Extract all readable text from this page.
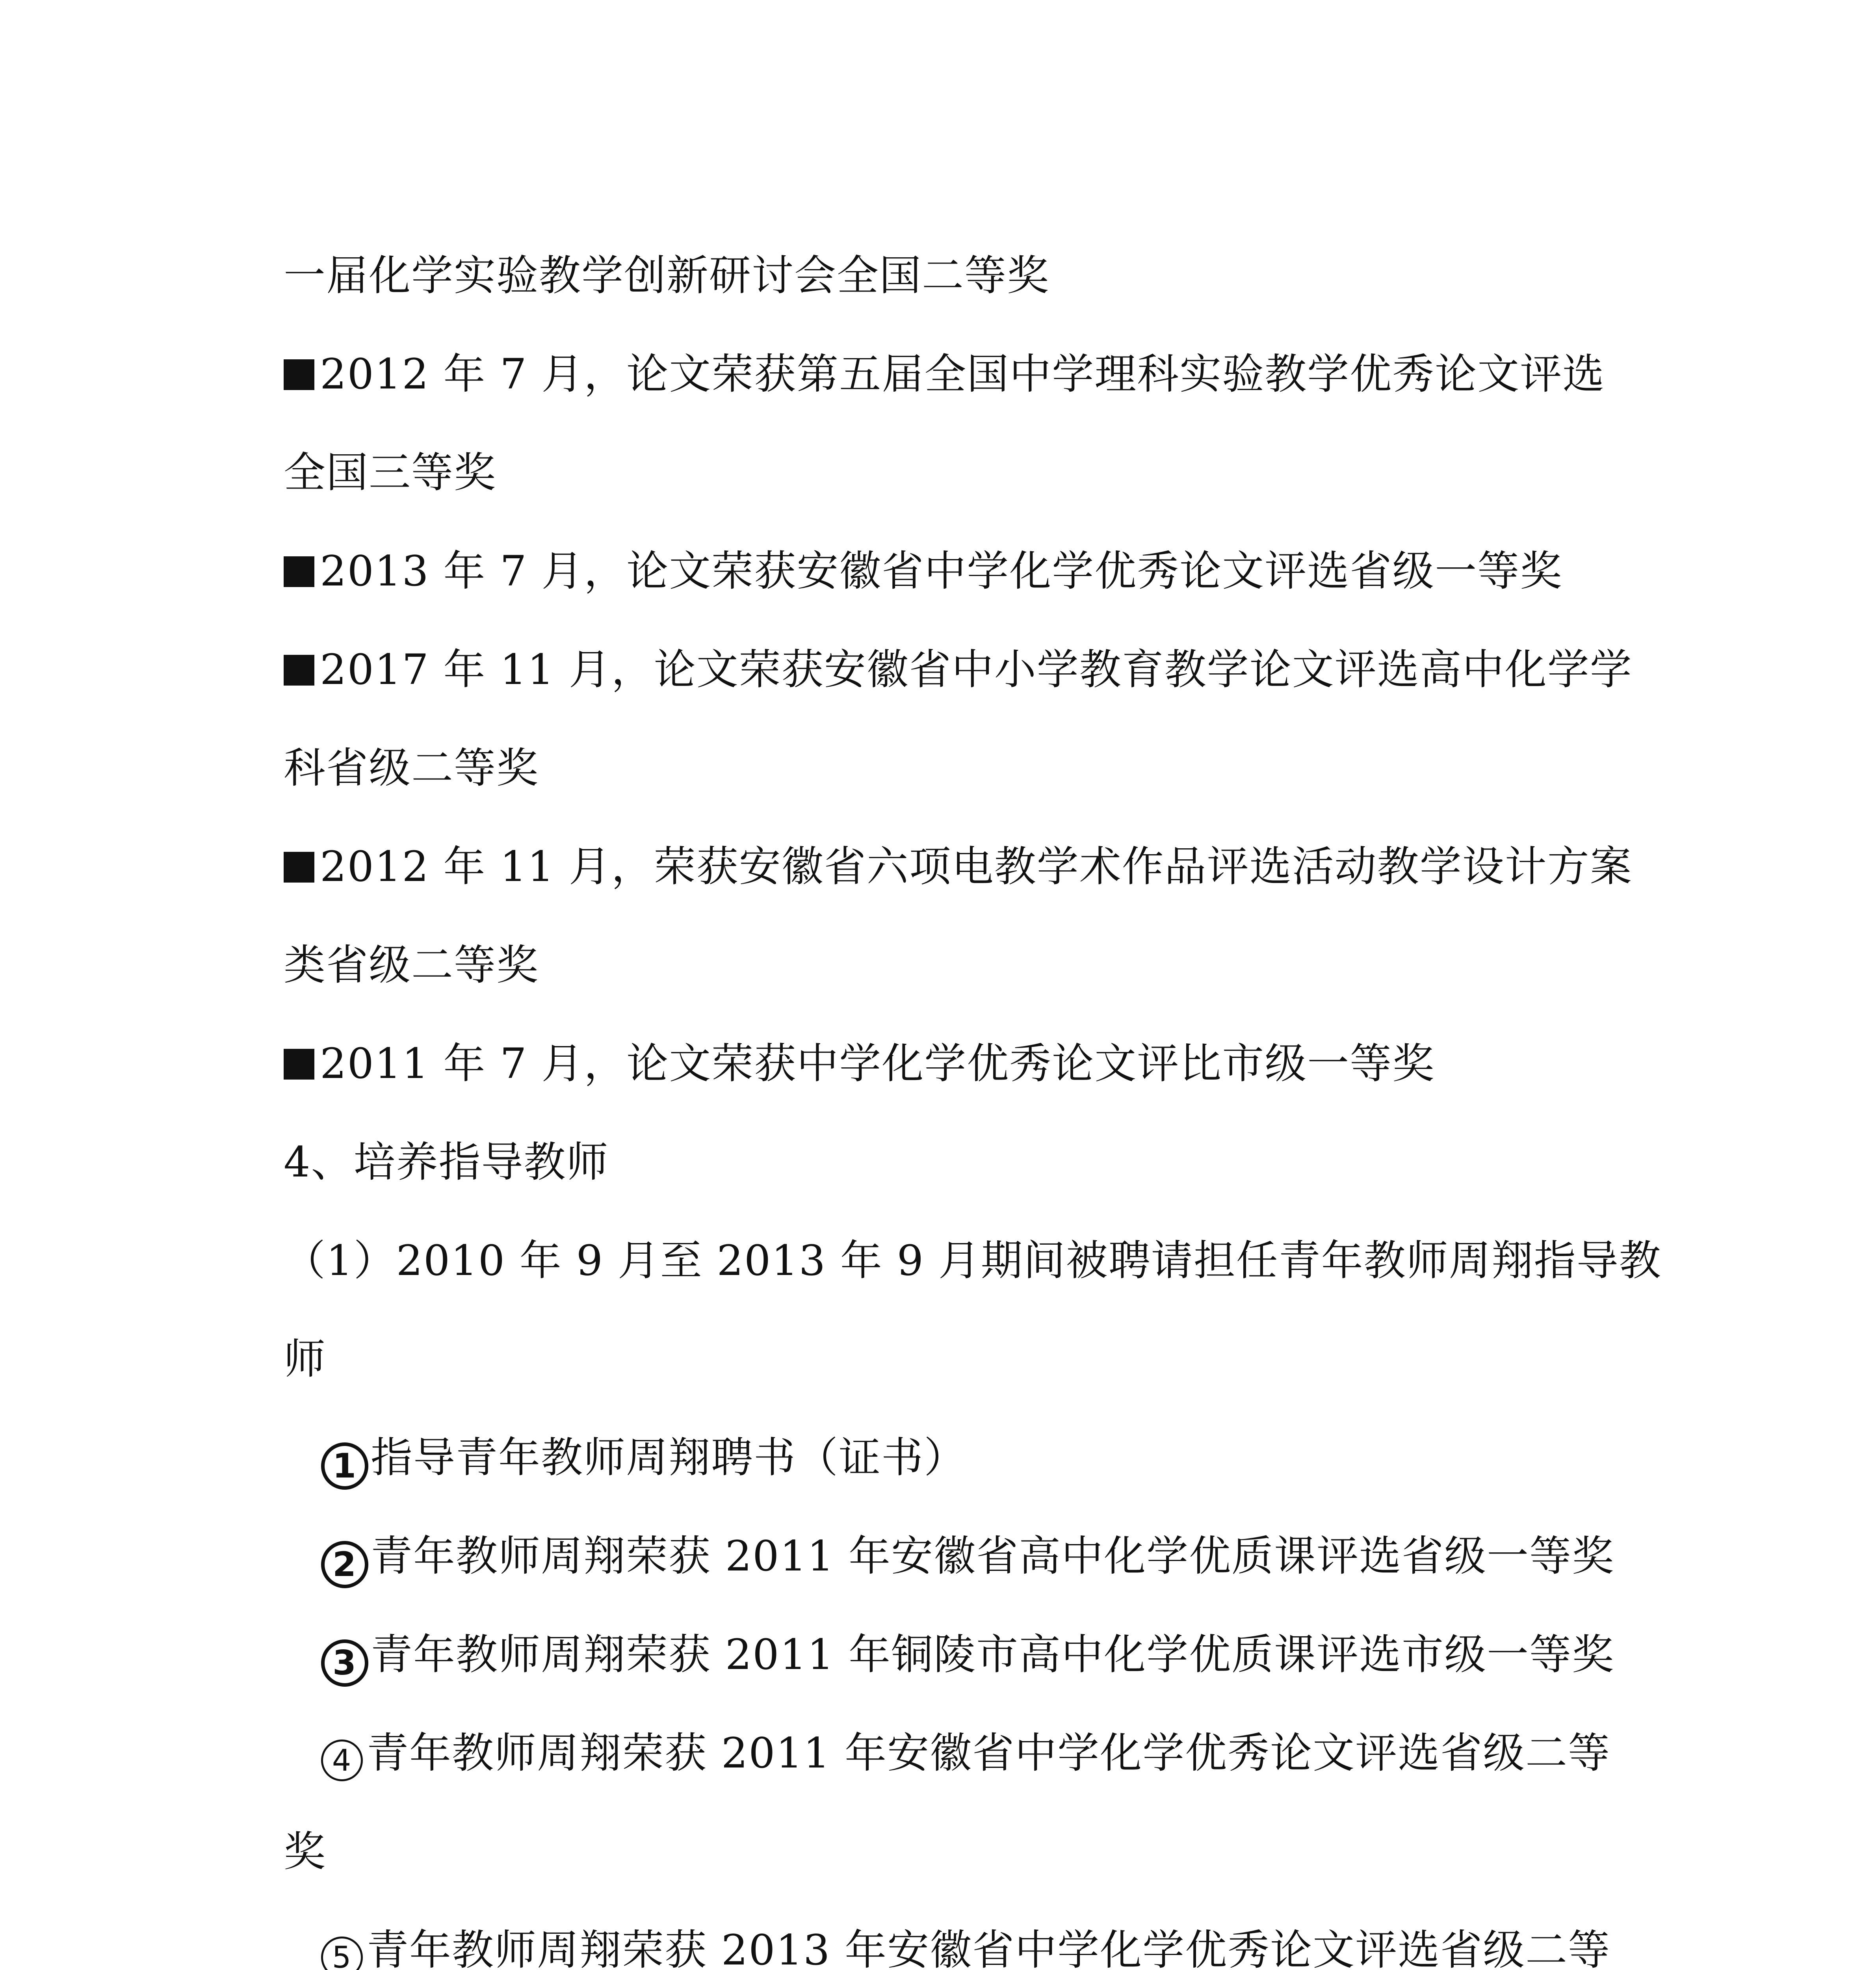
一届化学实验教学创新研讨会全国二等奖
2012 年 7 月，论文荣获第五届全国中学理科实验教学优秀论文评选
全国三等奖
2013 年 7 月，论文荣获安徽省中学化学优秀论文评选省级一等奖
2017 年 11 月，论文荣获安徽省中小学教育教学论文评选高中化学学
科省级二等奖
2012 年 11 月，荣获安徽省六项电教学术作品评选活动教学设计方案
类省级二等奖
2011 年 7 月，论文荣获中学化学优秀论文评比市级一等奖
4、培养指导教师
（1）2010 年 9 月至 2013 年 9 月期间被聘请担任青年教师周翔指导教
师
1 指导青年教师周翔聘书（证书）
2 青年教师周翔荣获 2011 年安徽省高中化学优质课评选省级一等奖
3 青年教师周翔荣获 2011 年铜陵市高中化学优质课评选市级一等奖
4 青年教师周翔荣获 2011 年安徽省中学化学优秀论文评选省级二等
奖
5 青年教师周翔荣获 2013 年安徽省中学化学优秀论文评选省级二等
